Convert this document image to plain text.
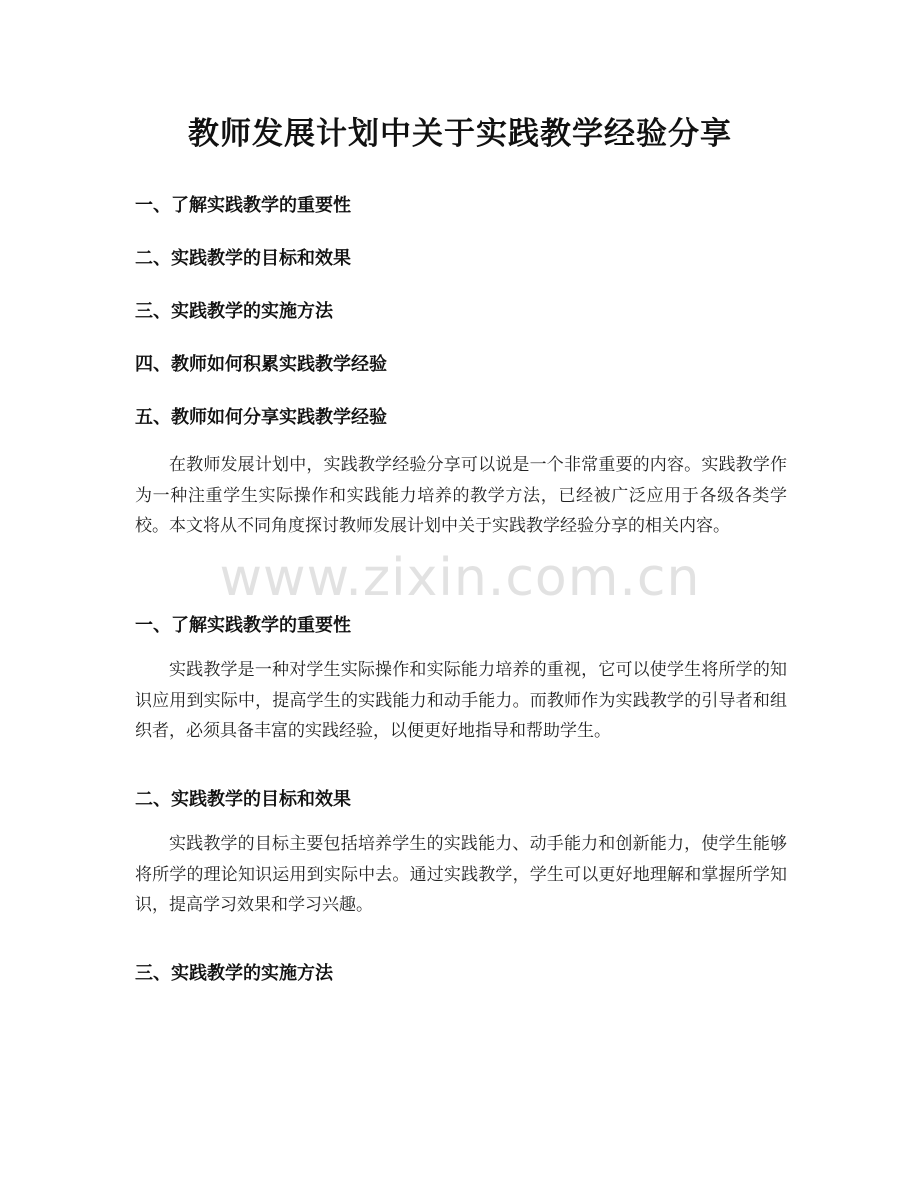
教师发展计划中关于实践教学经验分享
一、了解实践教学的重要性
二、实践教学的目标和效果
三、实践教学的实施方法
四、教师如何积累实践教学经验
五、教师如何分享实践教学经验
在教师发展计划中，实践教学经验分享可以说是一个非常重要的内容。实践教学作为一种注重学生实际操作和实践能力培养的教学方法，已经被广泛应用于各级各类学校。本文将从不同角度探讨教师发展计划中关于实践教学经验分享的相关内容。
一、了解实践教学的重要性
实践教学是一种对学生实际操作和实际能力培养的重视，它可以使学生将所学的知识应用到实际中，提高学生的实践能力和动手能力。而教师作为实践教学的引导者和组织者，必须具备丰富的实践经验，以便更好地指导和帮助学生。
二、实践教学的目标和效果
实践教学的目标主要包括培养学生的实践能力、动手能力和创新能力，使学生能够将所学的理论知识运用到实际中去。通过实践教学，学生可以更好地理解和掌握所学知识，提高学习效果和学习兴趣。
三、实践教学的实施方法
www.zixin.com.cn
